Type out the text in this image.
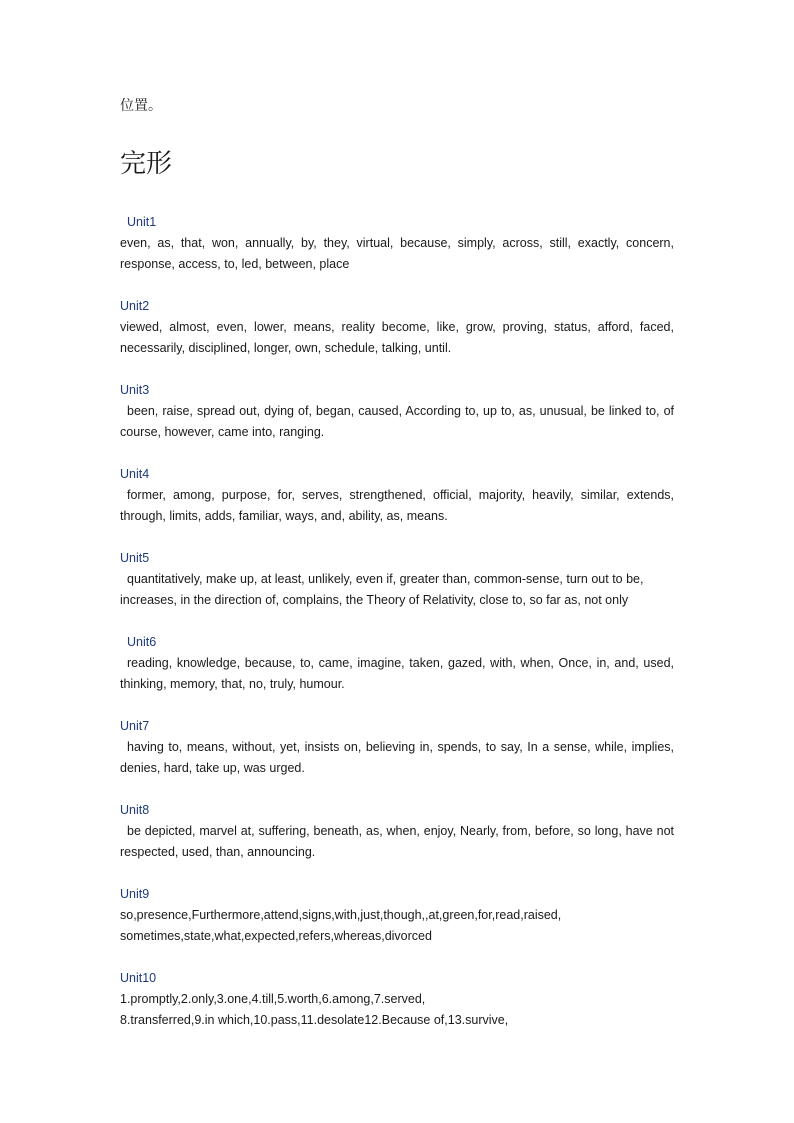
位置。
完形
Unit1
even, as, that, won, annually, by, they, virtual, because, simply, across, still, exactly, concern, response, access, to, led, between, place
Unit2
viewed, almost, even, lower, means, reality become, like, grow, proving, status, afford, faced, necessarily, disciplined, longer, own, schedule, talking, until.
Unit3
been, raise, spread out, dying of, began, caused, According to, up to, as, unusual, be linked to, of course, however, came into, ranging.
Unit4
former, among, purpose, for, serves, strengthened, official, majority, heavily, similar, extends, through, limits, adds, familiar, ways, and, ability, as, means.
Unit5
quantitatively, make up, at least, unlikely, even if, greater than, common-sense, turn out to be, increases, in the direction of, complains, the Theory of Relativity, close to, so far as, not only
Unit6
reading, knowledge, because, to, came, imagine, taken, gazed, with, when, Once, in, and, used, thinking, memory, that, no, truly, humour.
Unit7
having to, means, without, yet, insists on, believing in, spends, to say, In a sense, while, implies, denies, hard, take up, was urged.
Unit8
be depicted, marvel at, suffering, beneath, as, when, enjoy, Nearly, from, before, so long, have not respected, used, than, announcing.
Unit9
so,presence,Furthermore,attend,signs,with,just,though,,at,green,for,read,raised,
sometimes,state,what,expected,refers,whereas,divorced
Unit10
1.promptly,2.only,3.one,4.till,5.worth,6.among,7.served,
8.transferred,9.in which,10.pass,11.desolate12.Because of,13.survive,
